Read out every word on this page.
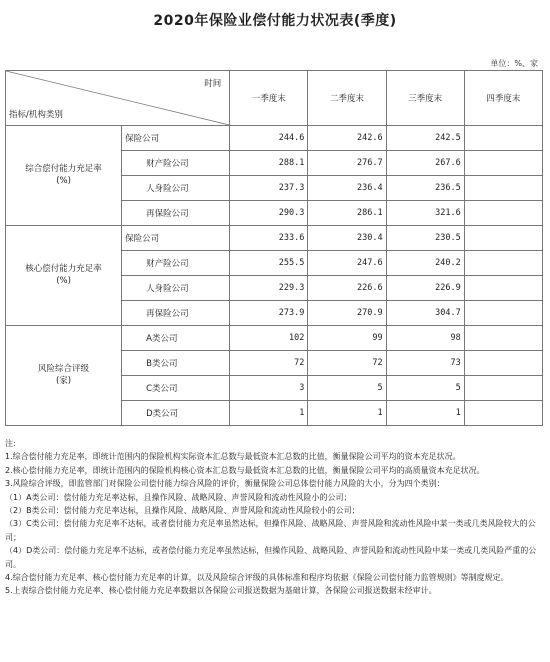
2020年保险业偿付能力状况表(季度)
单位：%、家
时间
指标/机构类别		一季度末	二季度末	三季度末	四季度末

综合偿付能力充足率
(%)	保险公司	244.6	242.6	242.5	
	财产险公司	288.1	276.7	267.6	
	人身险公司	237.3	236.4	236.5	
	再保险公司	290.3	286.1	321.6	

核心偿付能力充足率
(%)	保险公司	233.6	230.4	230.5	
	财产险公司	255.5	247.6	240.2	
	人身险公司	229.3	226.6	226.9	
	再保险公司	273.9	270.9	304.7	

风险综合评级
(家)	A类公司	102	99	98	
	B类公司	72	72	73	
	C类公司	3	5	5	
	D类公司	1	1	1	
注:
1.综合偿付能力充足率，即统计范围内的保险机构实际资本汇总数与最低资本汇总数的比值，衡量保险公司平均的资本充足状况。
2.核心偿付能力充足率，即统计范围内的保险机构核心资本汇总数与最低资本汇总数的比值，衡量保险公司平均的高质量资本充足状况。
3.风险综合评级，即监管部门对保险公司偿付能力综合风险的评价，衡量保险公司总体偿付能力风险的大小，分为四个类别：
（1）A类公司：偿付能力充足率达标，且操作风险、战略风险、声誉风险和流动性风险小的公司；
（2）B类公司：偿付能力充足率达标，且操作风险、战略风险、声誉风险和流动性风险较小的公司；
（3）C类公司：偿付能力充足率不达标，或者偿付能力充足率虽然达标，但操作风险、战略风险、声誉风险和流动性风险中某一类或几类风险较大的公司；
（4）D类公司：偿付能力充足率不达标，或者偿付能力充足率虽然达标，但操作风险、战略风险、声誉风险和流动性风险中某一类或几类风险严重的公司。
4.综合偿付能力充足率、核心偿付能力充足率的计算，以及风险综合评级的具体标准和程序均依据《保险公司偿付能力监管规则》等制度规定。
5.上表综合偿付能力充足率、核心偿付能力充足率数据以各保险公司报送数据为基础计算，各保险公司报送数据未经审计。
